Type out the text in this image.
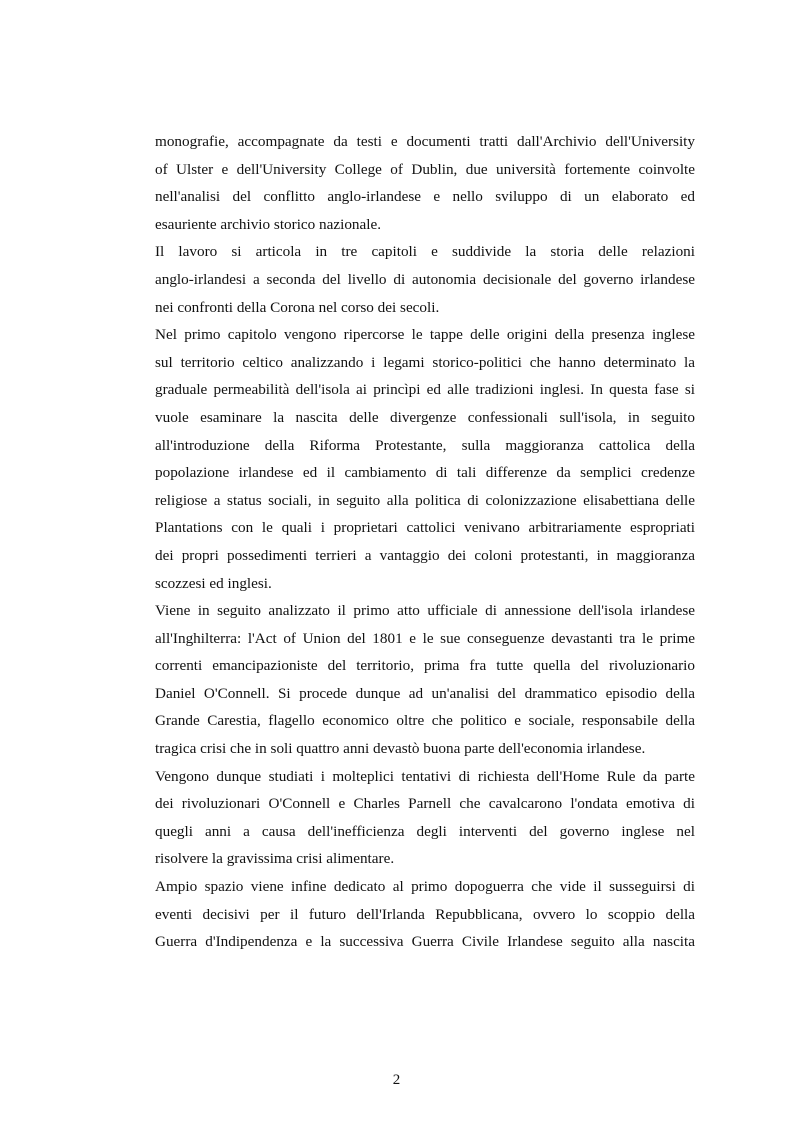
monografie, accompagnate da testi e documenti tratti dall'Archivio dell'University
of Ulster e dell'University College of Dublin, due università fortemente coinvolte
nell'analisi del conflitto anglo-irlandese e nello sviluppo di un elaborato ed
esauriente archivio storico nazionale.
Il lavoro si articola in tre capitoli e suddivide la storia delle relazioni
anglo-irlandesi a seconda del livello di autonomia decisionale del governo irlandese
nei confronti della Corona nel corso dei secoli.
Nel primo capitolo vengono ripercorse le tappe delle origini della presenza inglese
sul territorio celtico analizzando i legami storico-politici che hanno determinato la
graduale permeabilità dell'isola ai princìpi ed alle tradizioni inglesi. In questa fase si
vuole esaminare la nascita delle divergenze confessionali sull'isola, in seguito
all'introduzione della Riforma Protestante, sulla maggioranza cattolica della
popolazione irlandese ed il cambiamento di tali differenze da semplici credenze
religiose a status sociali, in seguito alla politica di colonizzazione elisabettiana delle
Plantations con le quali i proprietari cattolici venivano arbitrariamente espropriati
dei propri possedimenti terrieri a vantaggio dei coloni protestanti, in maggioranza
scozzesi ed inglesi.
Viene in seguito analizzato il primo atto ufficiale di annessione dell'isola irlandese
all'Inghilterra: l'Act of Union del 1801 e le sue conseguenze devastanti tra le prime
correnti emancipazioniste del territorio, prima fra tutte quella del rivoluzionario
Daniel O'Connell. Si procede dunque ad un'analisi del drammatico episodio della
Grande Carestia, flagello economico oltre che politico e sociale, responsabile della
tragica crisi che in soli quattro anni devastò buona parte dell'economia irlandese.
Vengono dunque studiati i molteplici tentativi di richiesta dell'Home Rule da parte
dei rivoluzionari O'Connell e Charles Parnell che cavalcarono l'ondata emotiva di
quegli anni a causa dell'inefficienza degli interventi del governo inglese nel
risolvere la gravissima crisi alimentare.
Ampio spazio viene infine dedicato al primo dopoguerra che vide il susseguirsi di
eventi decisivi per il futuro dell'Irlanda Repubblicana, ovvero lo scoppio della
Guerra d'Indipendenza e la successiva Guerra Civile Irlandese seguito alla nascita
2
